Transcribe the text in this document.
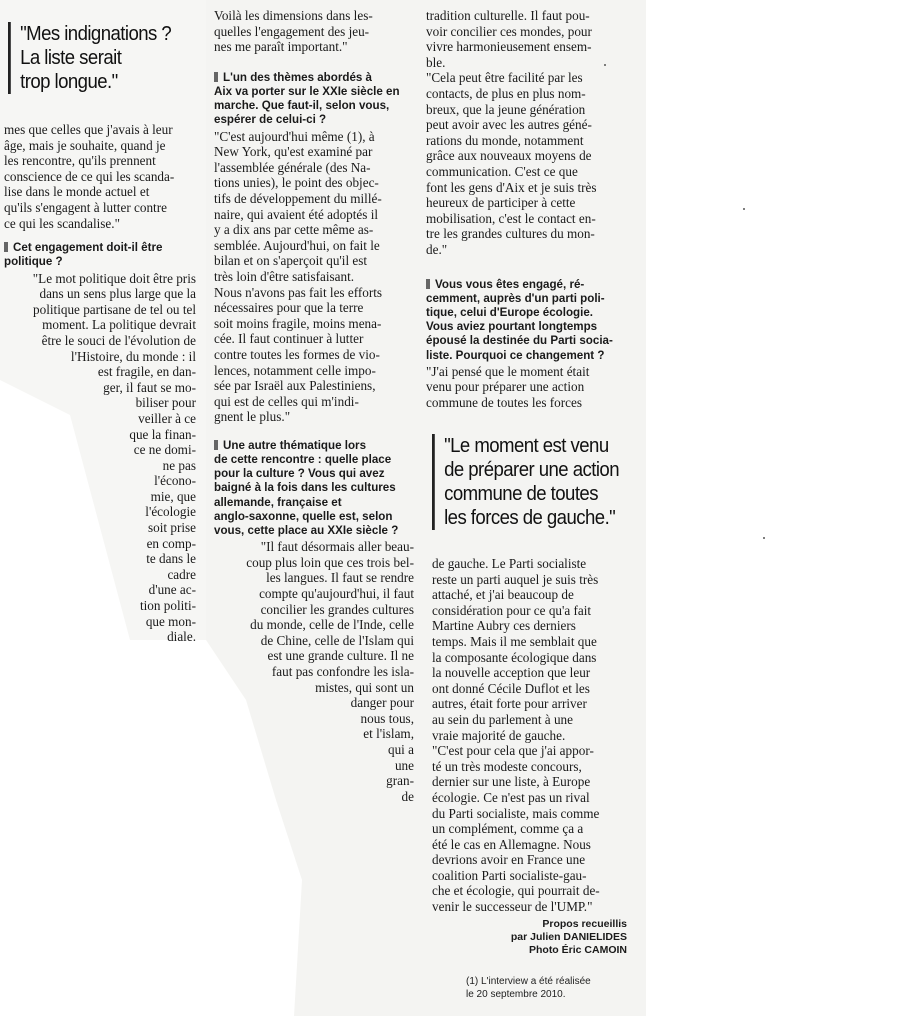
"Mes indignations ?
La liste serait
trop longue."

mes que celles que j'avais à leur
âge, mais je souhaite, quand je
les rencontre, qu'ils prennent
conscience de ce qui les scanda-
lise dans le monde actuel et
qu'ils s'engagent à lutter contre
ce qui les scandalise."

Cet engagement doit-il être
politique ?

"Le mot politique doit être pris
dans un sens plus large que la
politique partisane de tel ou tel
moment. La politique devrait
être le souci de l'évolution de
l'Histoire, du monde : il
est fragile, en dan-
ger, il faut se mo-
biliser pour
veiller à ce
que la finan-
ce ne domi-
ne pas
l'écono-
mie, que
l'écologie
soit prise
en comp-
te dans le
cadre
d'une ac-
tion politi-
que mon-
diale.

Voilà les dimensions dans les-
quelles l'engagement des jeu-
nes me paraît important."

L'un des thèmes abordés à
Aix va porter sur le XXIe siècle en
marche. Que faut-il, selon vous,
espérer de celui-ci ?

"C'est aujourd'hui même (1), à
New York, qu'est examiné par
l'assemblée générale (des Na-
tions unies), le point des objec-
tifs de développement du millé-
naire, qui avaient été adoptés il
y a dix ans par cette même as-
semblée. Aujourd'hui, on fait le
bilan et on s'aperçoit qu'il est
très loin d'être satisfaisant.
Nous n'avons pas fait les efforts
nécessaires pour que la terre
soit moins fragile, moins mena-
cée. Il faut continuer à lutter
contre toutes les formes de vio-
lences, notamment celle impo-
sée par Israël aux Palestiniens,
qui est de celles qui m'indi-
gnent le plus."

Une autre thématique lors
de cette rencontre : quelle place
pour la culture ? Vous qui avez
baigné à la fois dans les cultures
allemande, française et
anglo-saxonne, quelle est, selon
vous, cette place au XXIe siècle ?

"Il faut désormais aller beau-
coup plus loin que ces trois bel-
les langues. Il faut se rendre
compte qu'aujourd'hui, il faut
concilier les grandes cultures
du monde, celle de l'Inde, celle
de Chine, celle de l'Islam qui
est une grande culture. Il ne
faut pas confondre les isla-
mistes, qui sont un
danger pour
nous tous,
et l'islam,
qui a
une
gran-
de

tradition culturelle. Il faut pou-
voir concilier ces mondes, pour
vivre harmonieusement ensem-
ble.
"Cela peut être facilité par les
contacts, de plus en plus nom-
breux, que la jeune génération
peut avoir avec les autres géné-
rations du monde, notamment
grâce aux nouveaux moyens de
communication. C'est ce que
font les gens d'Aix et je suis très
heureux de participer à cette
mobilisation, c'est le contact en-
tre les grandes cultures du mon-
de."

Vous vous êtes engagé, ré-
cemment, auprès d'un parti poli-
tique, celui d'Europe écologie.
Vous aviez pourtant longtemps
épousé la destinée du Parti socia-
liste. Pourquoi ce changement ?

"J'ai pensé que le moment était
venu pour préparer une action
commune de toutes les forces

"Le moment est venu
de préparer une action
commune de toutes
les forces de gauche."

de gauche. Le Parti socialiste
reste un parti auquel je suis très
attaché, et j'ai beaucoup de
considération pour ce qu'a fait
Martine Aubry ces derniers
temps. Mais il me semblait que
la composante écologique dans
la nouvelle acception que leur
ont donné Cécile Duflot et les
autres, était forte pour arriver
au sein du parlement à une
vraie majorité de gauche.
"C'est pour cela que j'ai appor-
té un très modeste concours,
dernier sur une liste, à Europe
écologie. Ce n'est pas un rival
du Parti socialiste, mais comme
un complément, comme ça a
été le cas en Allemagne. Nous
devrions avoir en France une
coalition Parti socialiste-gau-
che et écologie, qui pourrait de-
venir le successeur de l'UMP."

Propos recueillis
par Julien DANIELIDES
Photo Éric CAMOIN
(1) L'interview a été réalisée
le 20 septembre 2010.
